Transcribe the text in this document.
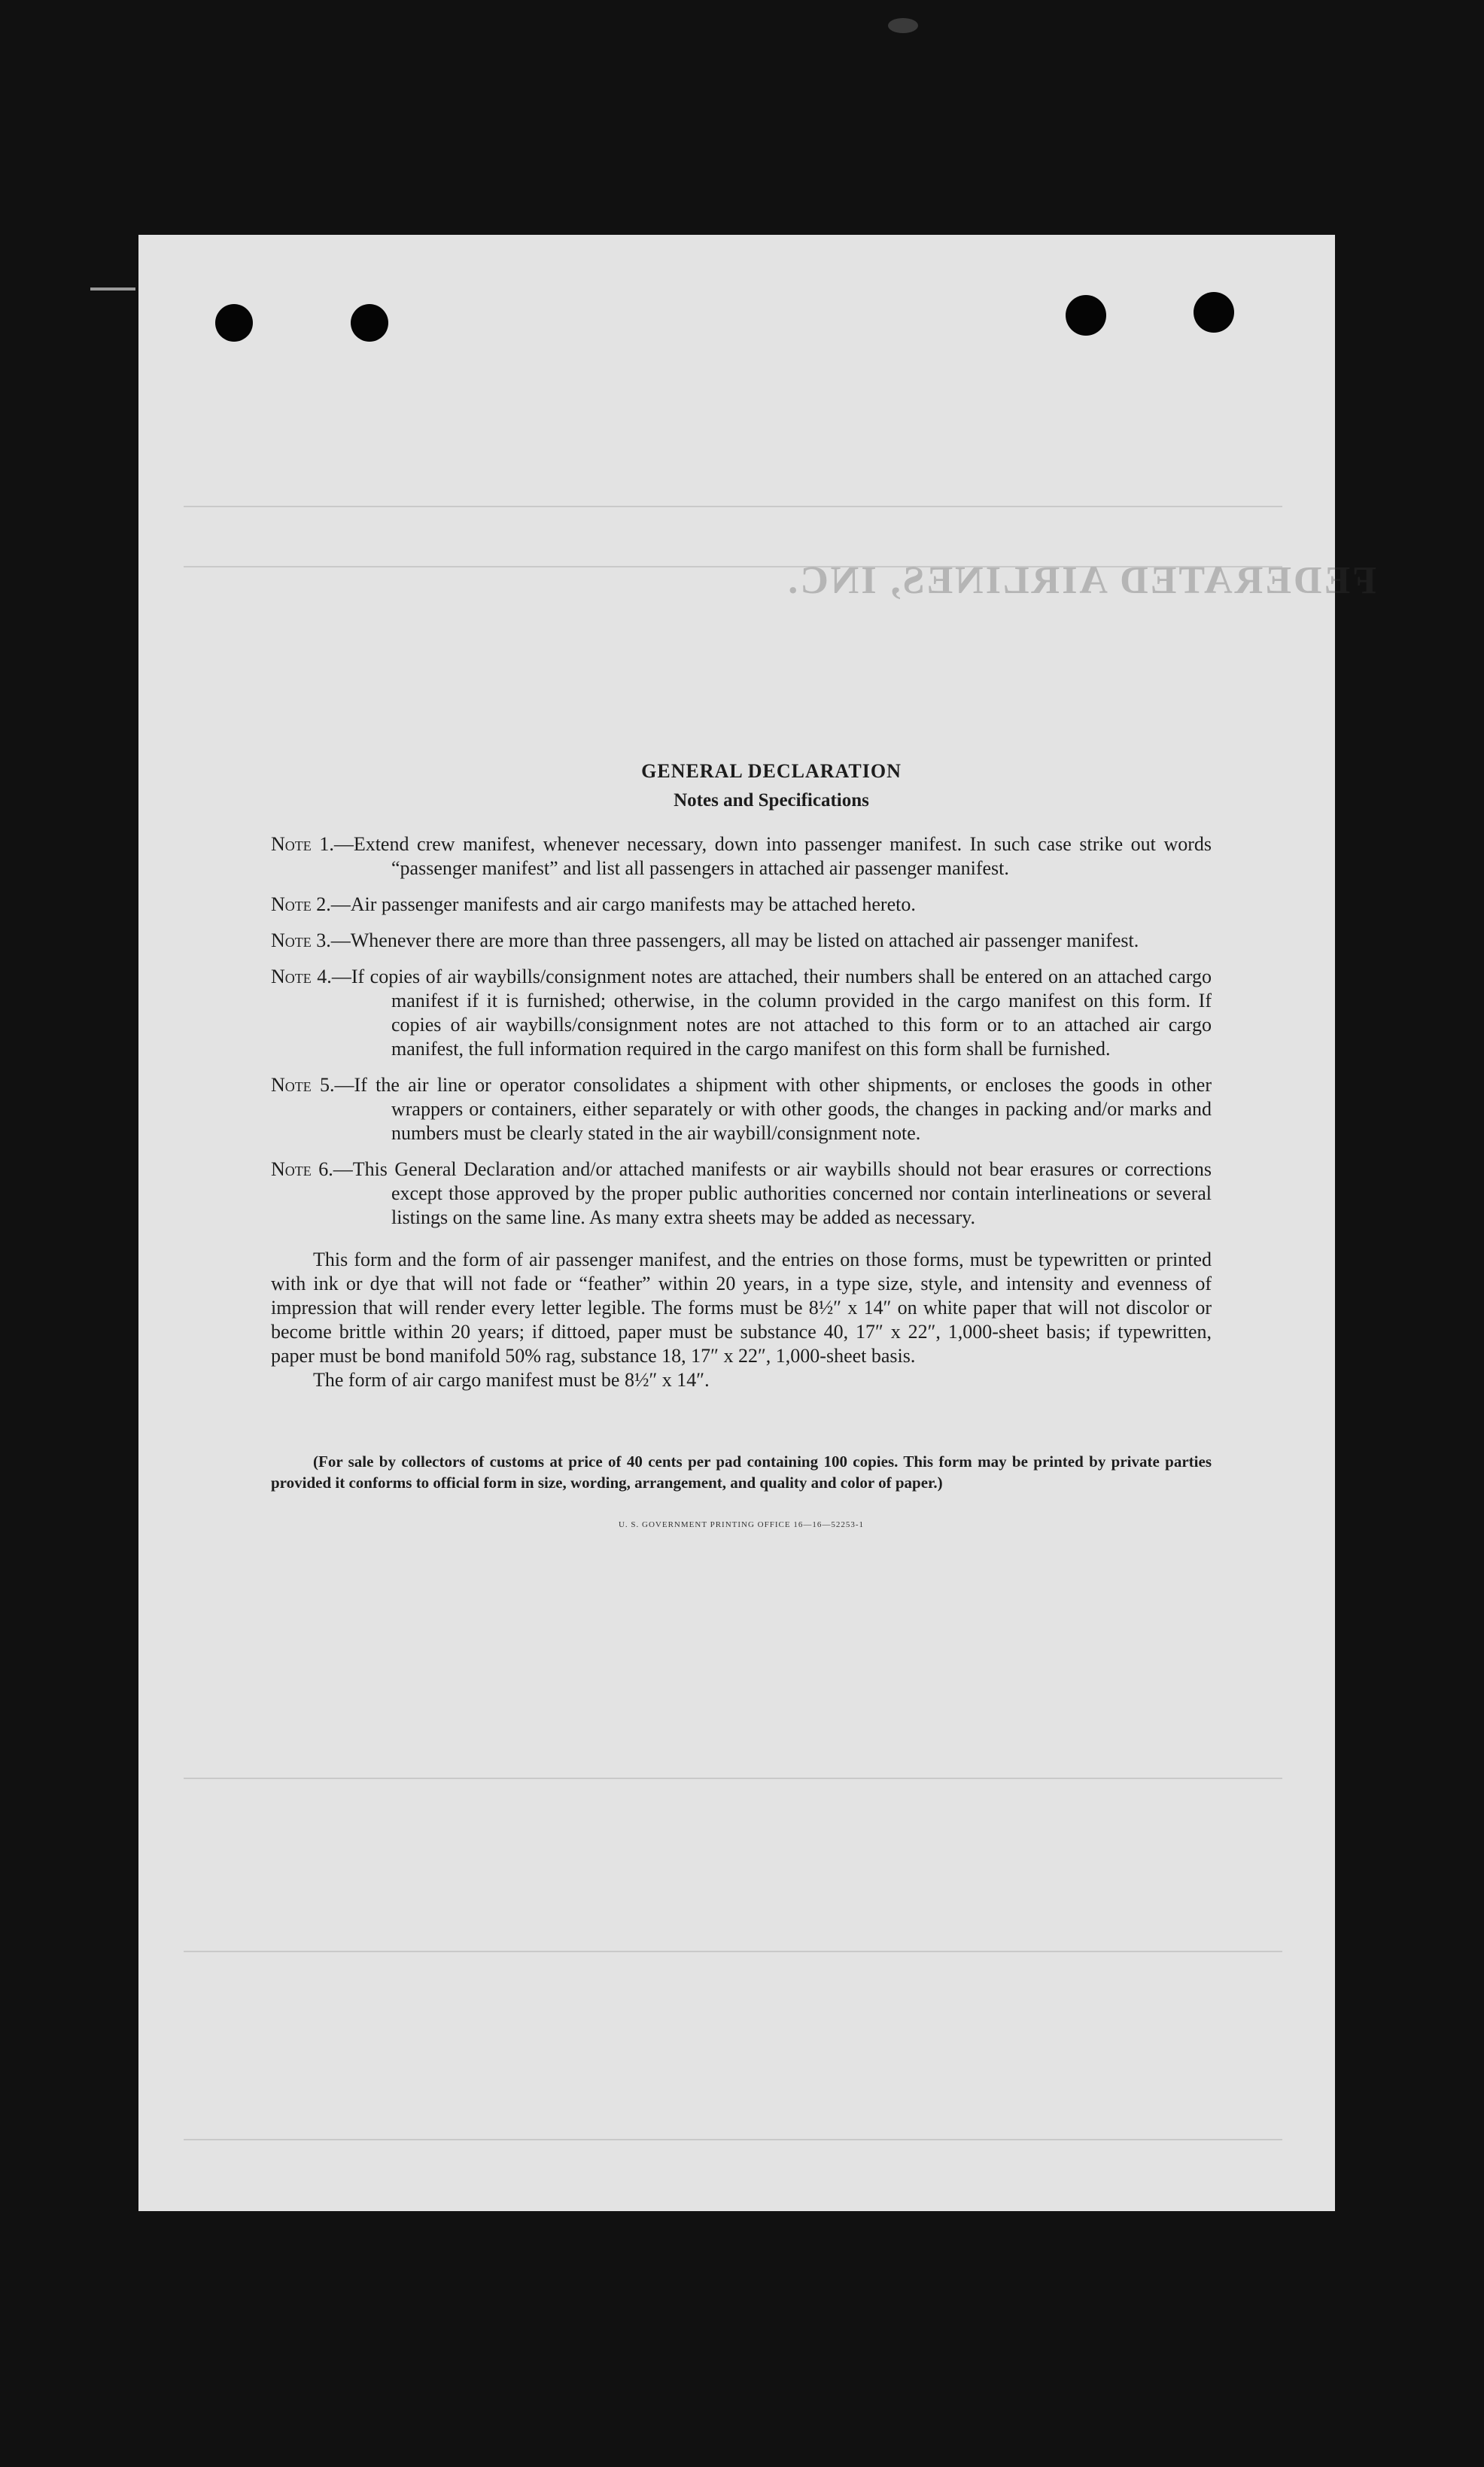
FEDERATED AIRLINES, INC.
GENERAL DECLARATION
Notes and Specifications

Note 1.—Extend crew manifest, whenever necessary, down into passenger manifest. In such case strike out words “passenger manifest” and list all passengers in attached air passenger manifest.

Note 2.—Air passenger manifests and air cargo manifests may be attached hereto.

Note 3.—Whenever there are more than three passengers, all may be listed on attached air passenger manifest.

Note 4.—If copies of air waybills/consignment notes are attached, their numbers shall be entered on an attached cargo manifest if it is furnished; otherwise, in the column provided in the cargo manifest on this form. If copies of air waybills/consignment notes are not attached to this form or to an attached air cargo manifest, the full information required in the cargo manifest on this form shall be furnished.

Note 5.—If the air line or operator consolidates a shipment with other shipments, or encloses the goods in other wrappers or containers, either separately or with other goods, the changes in packing and/or marks and numbers must be clearly stated in the air waybill/consignment note.

Note 6.—This General Declaration and/or attached manifests or air waybills should not bear erasures or corrections except those approved by the proper public authorities concerned nor contain interlineations or several listings on the same line. As many extra sheets may be added as necessary.

This form and the form of air passenger manifest, and the entries on those forms, must be typewritten or printed with ink or dye that will not fade or “feather” within 20 years, in a type size, style, and intensity and evenness of impression that will render every letter legible. The forms must be 8½″ x 14″ on white paper that will not discolor or become brittle within 20 years; if dittoed, paper must be substance 40, 17″ x 22″, 1,000-sheet basis; if typewritten, paper must be bond manifold 50% rag, substance 18, 17″ x 22″, 1,000-sheet basis.

The form of air cargo manifest must be 8½″ x 14″.

(For sale by collectors of customs at price of 40 cents per pad containing 100 copies. This form may be printed by private parties provided it conforms to official form in size, wording, arrangement, and quality and color of paper.)

U. S. GOVERNMENT PRINTING OFFICE 16—16—52253-1
